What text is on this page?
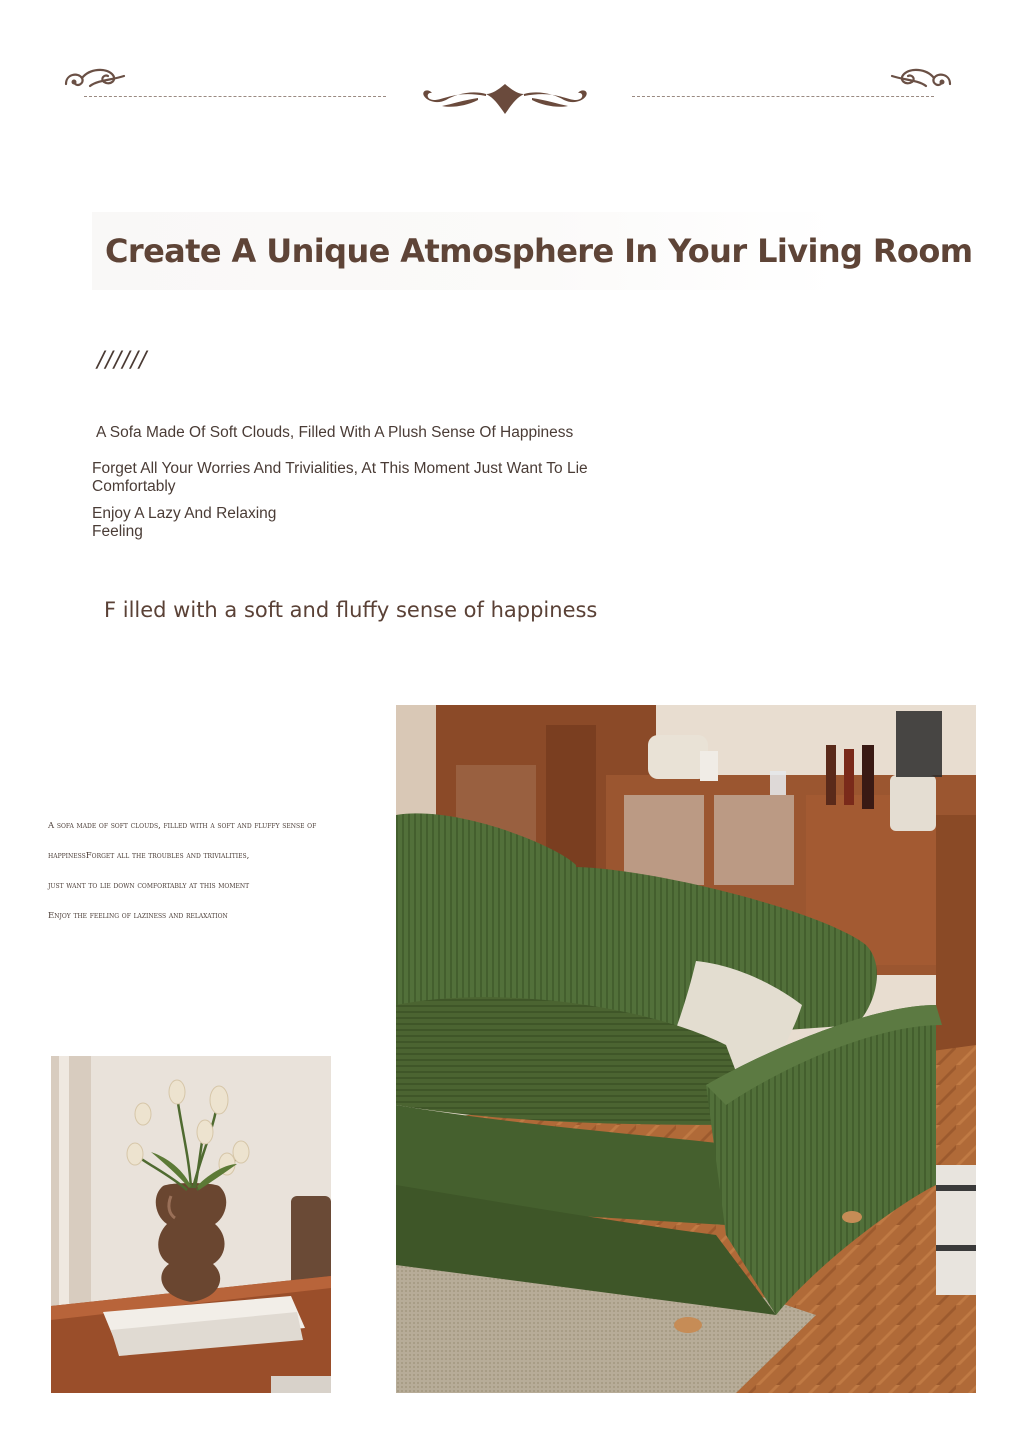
Create A Unique Atmosphere In Your Living Room
//////
A Sofa Made Of Soft Clouds, Filled With A Plush Sense Of Happiness
Forget All Your Worries And Trivialities, At This Moment Just Want To Lie Comfortably
Enjoy A Lazy And Relaxing Feeling
F illed with a soft and fluffy sense of happiness
A sofa made of soft clouds, filled with a soft and fluffy sense of
happinessForget all the troubles and trivialities,
just want to lie down comfortably at this moment
Enjoy the feeling of laziness and relaxation
